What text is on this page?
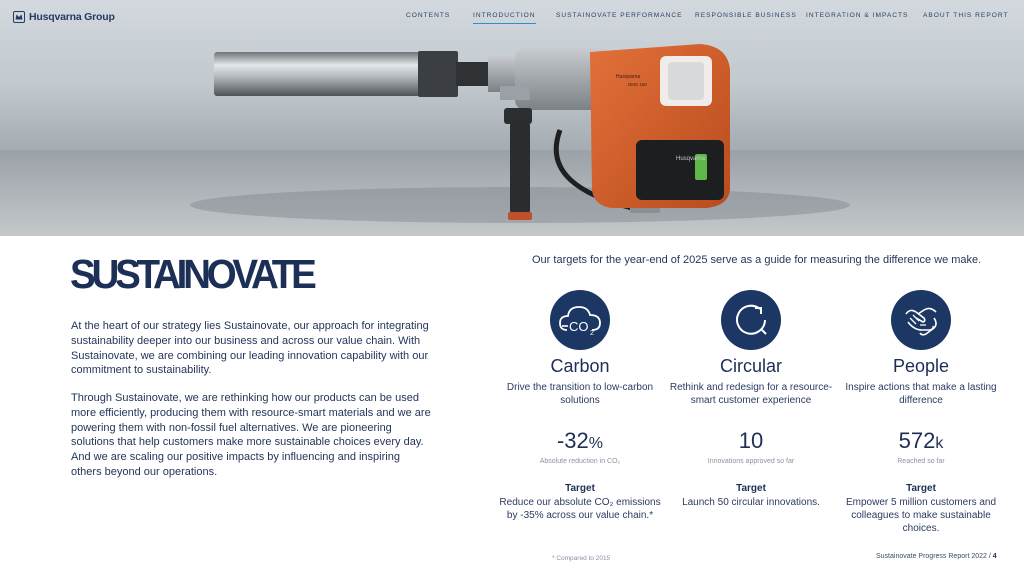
Husqvarna
Husqvarna
DMS 160
Husqvarna Group	CONTENTS	INTRODUCTION	SUSTAINOVATE PERFORMANCE RESPONSIBLE BUSINESS INTEGRATION & IMPACTS ABOUT THIS REPORT
SUSTAINOVATE

At the heart of our strategy lies Sustainovate, our approach for integrating sustainability deeper into our business and across our value chain. With Sustainovate, we are combining our leading innovation capability with our commitment to sustainability.

Through Sustainovate, we are rethinking how our products can be used more efficiently, producing them with resource-smart materials and we are powering them with non-fossil fuel alternatives. We are pioneering solutions that help customers make more sustainable choices every day. And we are scaling our positive impacts by influencing and inspiring others beyond our operations.

Our targets for the year-end of 2025 serve as a guide for measuring the difference we make.
CO 2
Carbon
Drive the transition to low-carbon solutions
-32%
Absolute reduction in CO₂
Target
Reduce our absolute CO₂ emissions by -35% across our value chain.*
Circular
Rethink and redesign for a resource-smart customer experience
10
Innovations approved so far
Target
Launch 50 circular innovations.
People
Inspire actions that make a lasting difference
572k
Reached so far
Target
Empower 5 million customers and colleagues to make sustainable choices.
* Compared to 2015	Sustainovate Progress Report 2022 / 4
